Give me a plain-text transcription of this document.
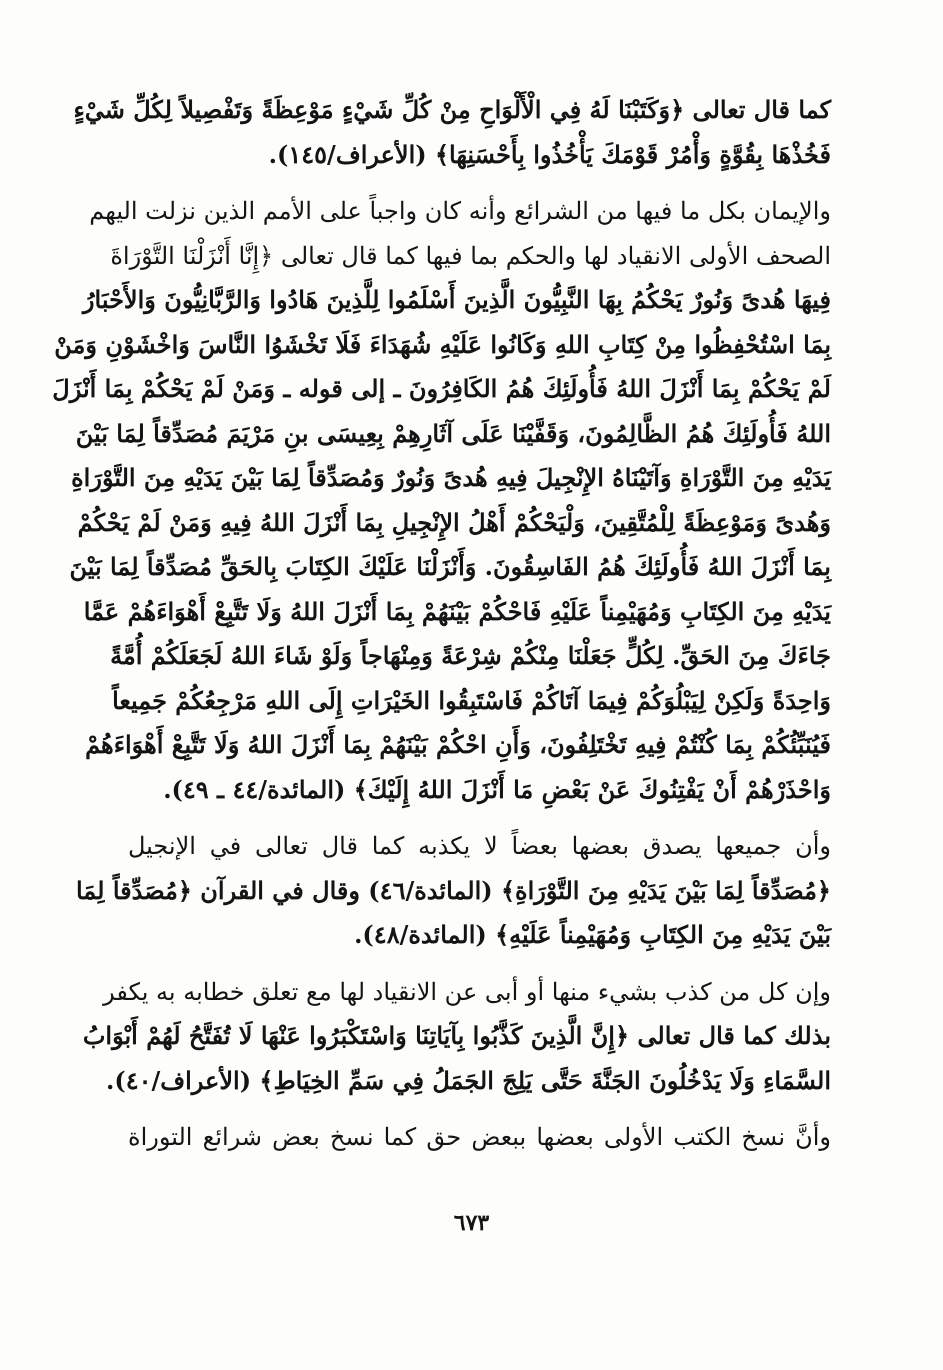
كما قال تعالى ﴿وَكَتَبْنَا لَهُ فِي الْأَلْوَاحِ مِنْ كُلِّ شَيْءٍ مَوْعِظَةً وَتَفْصِيلاً لِكُلِّ شَيْءٍ
فَخُذْهَا بِقُوَّةٍ وَأْمُرْ قَوْمَكَ يَأْخُذُوا بِأَحْسَنِهَا﴾ (الأعراف/١٤٥).
والإيمان بكل ما فيها من الشرائع وأنه كان واجباً على الأمم الذين نزلت اليهم
الصحف الأولى الانقياد لها والحكم بما فيها كما قال تعالى ﴿إِنَّا أَنْزَلْنَا التَّوْرَاةَ
فِيهَا هُدىً وَنُورٌ يَحْكُمُ بِهَا النَّبِيُّونَ الَّذِينَ أَسْلَمُوا لِلَّذِينَ هَادُوا وَالرَّبَّانِيُّونَ وَالأَحْبَارُ
بِمَا اسْتُحْفِظُوا مِنْ كِتَابِ اللهِ وَكَانُوا عَلَيْهِ شُهَدَاءَ فَلَا تَخْشَوُا النَّاسَ وَاخْشَوْنِ وَمَنْ
لَمْ يَحْكُمْ بِمَا أَنْزَلَ اللهُ فَأُولَئِكَ هُمُ الكَافِرُونَ ـ إلى قوله ـ وَمَنْ لَمْ يَحْكُمْ بِمَا أَنْزَلَ
اللهُ فَأُولَئِكَ هُمُ الظَّالِمُونَ، وَقَفَّيْنَا عَلَى آثَارِهِمْ بِعِيسَى بنِ مَرْيَمَ مُصَدِّقاً لِمَا بَيْنَ
يَدَيْهِ مِنَ التَّوْرَاةِ وَآتَيْنَاهُ الإِنْجِيلَ فِيهِ هُدىً وَنُورٌ وَمُصَدِّقاً لِمَا بَيْنَ يَدَيْهِ مِنَ التَّوْرَاةِ
وَهُدىً وَمَوْعِظَةً لِلْمُتَّقِينَ، وَلْيَحْكُمْ أَهْلُ الإِنْجِيلِ بِمَا أَنْزَلَ اللهُ فِيهِ وَمَنْ لَمْ يَحْكُمْ
بِمَا أَنْزَلَ اللهُ فَأُولَئِكَ هُمُ الفَاسِقُونَ. وَأَنْزَلْنَا عَلَيْكَ الكِتَابَ بِالحَقِّ مُصَدِّقاً لِمَا بَيْنَ
يَدَيْهِ مِنَ الكِتَابِ وَمُهَيْمِناً عَلَيْهِ فَاحْكُمْ بَيْنَهُمْ بِمَا أَنْزَلَ اللهُ وَلَا تَتَّبِعْ أَهْوَاءَهُمْ عَمَّا
جَاءَكَ مِنَ الحَقِّ. لِكُلٍّ جَعَلْنَا مِنْكُمْ شِرْعَةً وَمِنْهَاجاً وَلَوْ شَاءَ اللهُ لَجَعَلَكُمْ أُمَّةً
وَاحِدَةً وَلَكِنْ لِيَبْلُوَكُمْ فِيمَا آتَاكُمْ فَاسْتَبِقُوا الخَيْرَاتِ إِلَى اللهِ مَرْجِعُكُمْ جَمِيعاً
فَيُنَبِّئُكُمْ بِمَا كُنْتُمْ فِيهِ تَخْتَلِفُونَ، وَأَنِ احْكُمْ بَيْنَهُمْ بِمَا أَنْزَلَ اللهُ وَلَا تَتَّبِعْ أَهْوَاءَهُمْ
وَاحْذَرْهُمْ أَنْ يَفْتِنُوكَ عَنْ بَعْضِ مَا أَنْزَلَ اللهُ إِلَيْكَ﴾ (المائدة/٤٤ ـ ٤٩).
وأن جميعها يصدق بعضها بعضاً لا يكذبه كما قال تعالى في الإنجيل
﴿مُصَدِّقاً لِمَا بَيْنَ يَدَيْهِ مِنَ التَّوْرَاةِ﴾ (المائدة/٤٦) وقال في القرآن ﴿مُصَدِّقاً لِمَا
بَيْنَ يَدَيْهِ مِنَ الكِتَابِ وَمُهَيْمِناً عَلَيْهِ﴾ (المائدة/٤٨).
وإن كل من كذب بشيء منها أو أبى عن الانقياد لها مع تعلق خطابه به يكفر
بذلك كما قال تعالى ﴿إِنَّ الَّذِينَ كَذَّبُوا بِآيَاتِنَا وَاسْتَكْبَرُوا عَنْهَا لَا تُفَتَّحُ لَهُمْ أَبْوَابُ
السَّمَاءِ وَلَا يَدْخُلُونَ الجَنَّةَ حَتَّى يَلِجَ الجَمَلُ فِي سَمِّ الخِيَاطِ﴾ (الأعراف/٤٠).
وأنَّ نسخ الكتب الأولى بعضها ببعض حق كما نسخ بعض شرائع التوراة
٦٧٣
